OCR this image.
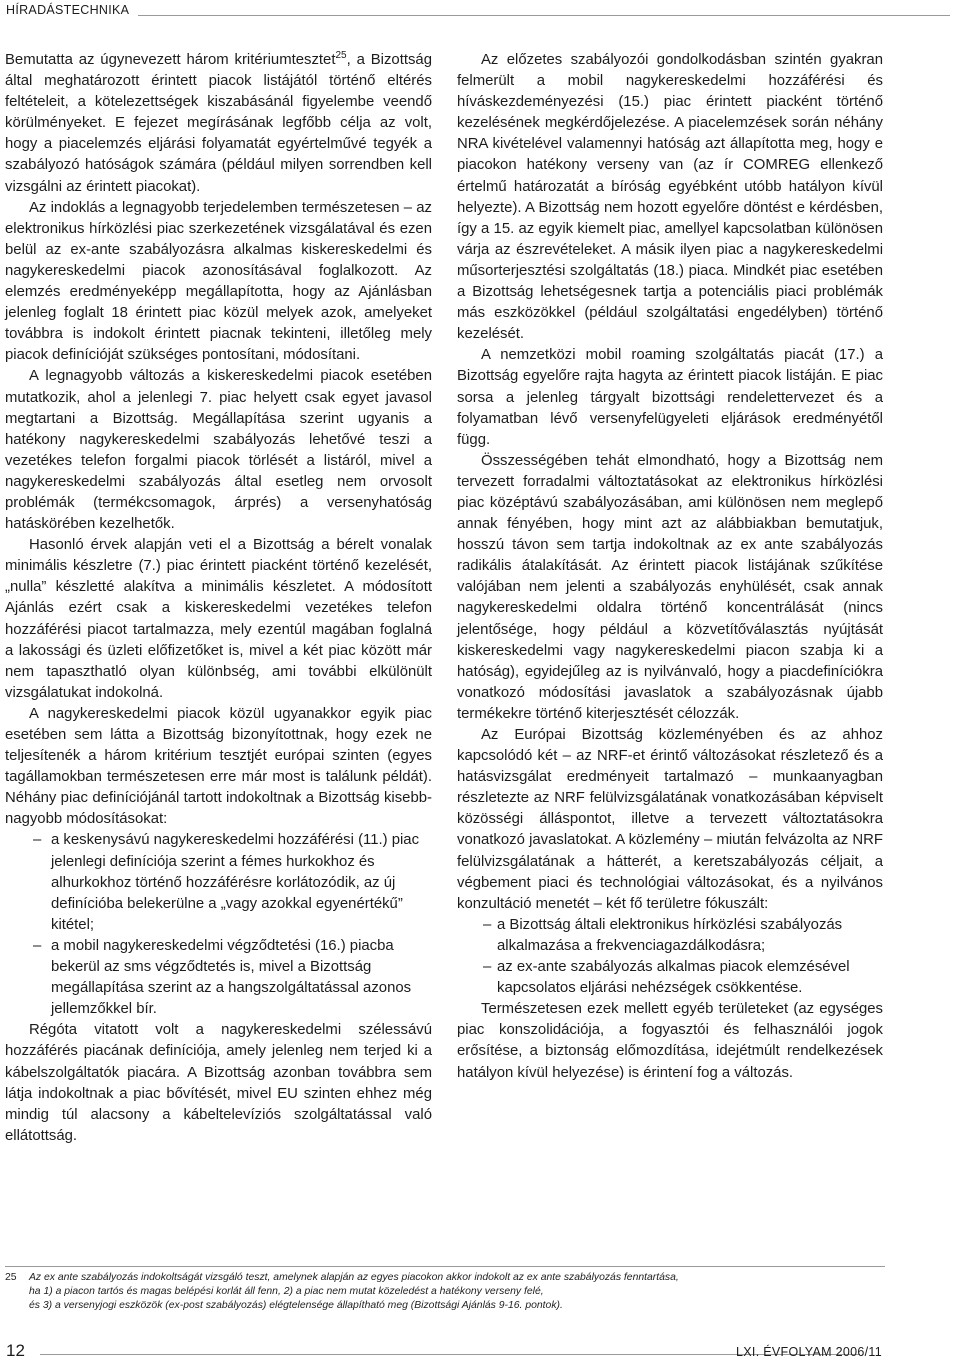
HÍRADÁSTECHNIKA

Bemutatta az úgynevezett három kritériumtesztet$^{25}$, a Bizottság által meghatározott érintett piacok listájától történő eltérés feltételeit, a kötelezettségek kiszabásánál figyelembe veendő körülményeket. E fejezet megírásának legfőbb célja az volt, hogy a piacelemzés eljárási folyamatát egyértelművé tegyék a szabályozó hatóságok számára (például milyen sorrendben kell vizsgálni az érintett piacokat).

Az indoklás a legnagyobb terjedelemben természetesen – az elektronikus hírközlési piac szerkezetének vizsgálatával és ezen belül az ex-ante szabályozásra alkalmas kiskereskedelmi és nagykereskedelmi piacok azonosításával foglalkozott. Az elemzés eredményeképp megállapította, hogy az Ajánlásban jelenleg foglalt 18 érintett piac közül melyek azok, amelyeket továbbra is indokolt érintett piacnak tekinteni, illetőleg mely piacok definícióját szükséges pontosítani, módosítani.

A legnagyobb változás a kiskereskedelmi piacok esetében mutatkozik, ahol a jelenlegi 7. piac helyett csak egyet javasol megtartani a Bizottság. Megállapítása szerint ugyanis a hatékony nagykereskedelmi szabályozás lehetővé teszi a vezetékes telefon forgalmi piacok törlését a listáról, mivel a nagykereskedelmi szabályozás által esetleg nem orvosolt problémák (termékcsomagok, árprés) a versenyhatóság hatáskörében kezelhetők.

Hasonló érvek alapján veti el a Bizottság a bérelt vonalak minimális készletre (7.) piac érintett piacként történő kezelését, „nulla” készletté alakítva a minimális készletet. A módosított Ajánlás ezért csak a kiskereskedelmi vezetékes telefon hozzáférési piacot tartalmazza, mely ezentúl magában foglalná a lakossági és üzleti előfizetőket is, mivel a két piac között már nem tapaszthatló olyan különbség, ami további elkülönült vizsgálatukat indokolná.

A nagykereskedelmi piacok közül ugyanakkor egyik piac esetében sem látta a Bizottság bizonyítottnak, hogy ezek ne teljesítenék a három kritérium tesztjét európai szinten (egyes tagállamokban természetesen erre már most is találunk példát). Néhány piac definíciójánál tartott indokoltnak a Bizottság kisebb-nagyobb módosításokat:

– a keskenysávú nagykereskedelmi hozzáférési (11.) piac jelenlegi definíciója szerint a fémes hurkokhoz és alhurkokhoz történő hozzáférésre korlátozódik, az új definícióba belekerülne a „vagy azokkal egyenértékű” kitétel;
– a mobil nagykereskedelmi végződtetési (16.) piacba bekerül az sms végződtetés is, mivel a Bizottság megállapítása szerint az a hangszolgáltatással azonos jellemzőkkel bír.

Régóta vitatott volt a nagykereskedelmi szélessávú hozzáférés piacának definíciója, amely jelenleg nem terjed ki a kábelszolgáltatók piacára. A Bizottság azonban továbbra sem látja indokoltnak a piac bővítését, mivel EU szinten ehhez még mindig túl alacsony a kábeltelevíziós szolgáltatással való ellátottság.

Az előzetes szabályozói gondolkodásban szintén gyakran felmerült a mobil nagykereskedelmi hozzáférési és híváskezdeményezési (15.) piac érintett piacként történő kezelésének megkérdőjelezése. A piacelemzések során néhány NRA kivételével valamennyi hatóság azt állapította meg, hogy e piacokon hatékony verseny van (az ír COMREG ellenkező értelmű határozatát a bíróság egyébként utóbb hatályon kívül helyezte). A Bizottság nem hozott egyelőre döntést e kérdésben, így a 15. az egyik kiemelt piac, amellyel kapcsolatban különösen várja az észrevételeket. A másik ilyen piac a nagykereskedelmi műsorterjesztési szolgáltatás (18.) piaca. Mindkét piac esetében a Bizottság lehetségesnek tartja a potenciális piaci problémák más eszközökkel (például szolgáltatási engedélyben) történő kezelését.

A nemzetközi mobil roaming szolgáltatás piacát (17.) a Bizottság egyelőre rajta hagyta az érintett piacok listáján. E piac sorsa a jelenleg tárgyalt bizottsági rendelettervezet és a folyamatban lévő versenyfelügyeleti eljárások eredményétől függ.

Összességében tehát elmondható, hogy a Bizottság nem tervezett forradalmi változtatásokat az elektronikus hírközlési piac középtávú szabályozásában, ami különösen nem meglepő annak fényében, hogy mint azt az alábbiakban bemutatjuk, hosszú távon sem tartja indokoltnak az ex ante szabályozás radikális átalakítását. Az érintett piacok listájának szűkítése valójában nem jelenti a szabályozás enyhülését, csak annak nagykereskedelmi oldalra történő koncentrálását (nincs jelentősége, hogy például a közvetítőválasztás nyújtását kiskereskedelmi vagy nagykereskedelmi piacon szabja ki a hatóság), egyidejűleg az is nyilvánvaló, hogy a piacdefiníciókra vonatkozó módosítási javaslatok a szabályozásnak újabb termékekre történő kiterjesztését célozzák.

Az Európai Bizottság közleményében és az ahhoz kapcsolódó két – az NRF-et érintő változásokat részletező és a hatásvizsgálat eredményeit tartalmazó – munkaanyagban részletezte az NRF felülvizsgálatának vonatkozásában képviselt közösségi álláspontot, illetve a tervezett változtatásokra vonatkozó javaslatokat. A közlemény – miután felvázolta az NRF felülvizsgálatának a hátterét, a keretszabályozás céljait, a végbement piaci és technológiai változásokat, és a nyilvános konzultáció menetét – két fő területre fókuszált:

– a Bizottság általi elektronikus hírközlési szabályozás alkalmazása a frekvenciagazdálkodásra;
– az ex-ante szabályozás alkalmas piacok elemzésével kapcsolatos eljárási nehézségek csökkentése.

Természetesen ezek mellett egyéb területeket (az egységes piac konszolidációja, a fogyasztói és felhasználói jogok erősítése, a biztonság előmozdítása, idejétmúlt rendelkezések hatályon kívül helyezése) is érintení fog a változás.

25 Az ex ante szabályozás indokoltságát vizsgáló teszt, amelynek alapján az egyes piacokon akkor indokolt az ex ante szabályozás fenntartása,
ha 1) a piacon tartós és magas belépési korlát áll fenn, 2) a piac nem mutat közeledést a hatékony verseny felé,
és 3) a versenyjogi eszközök (ex-post szabályozás) elégtelensége állapítható meg (Bizottsági Ajánlás 9-16. pontok).
12	LXI. ÉVFOLYAM 2006/11
